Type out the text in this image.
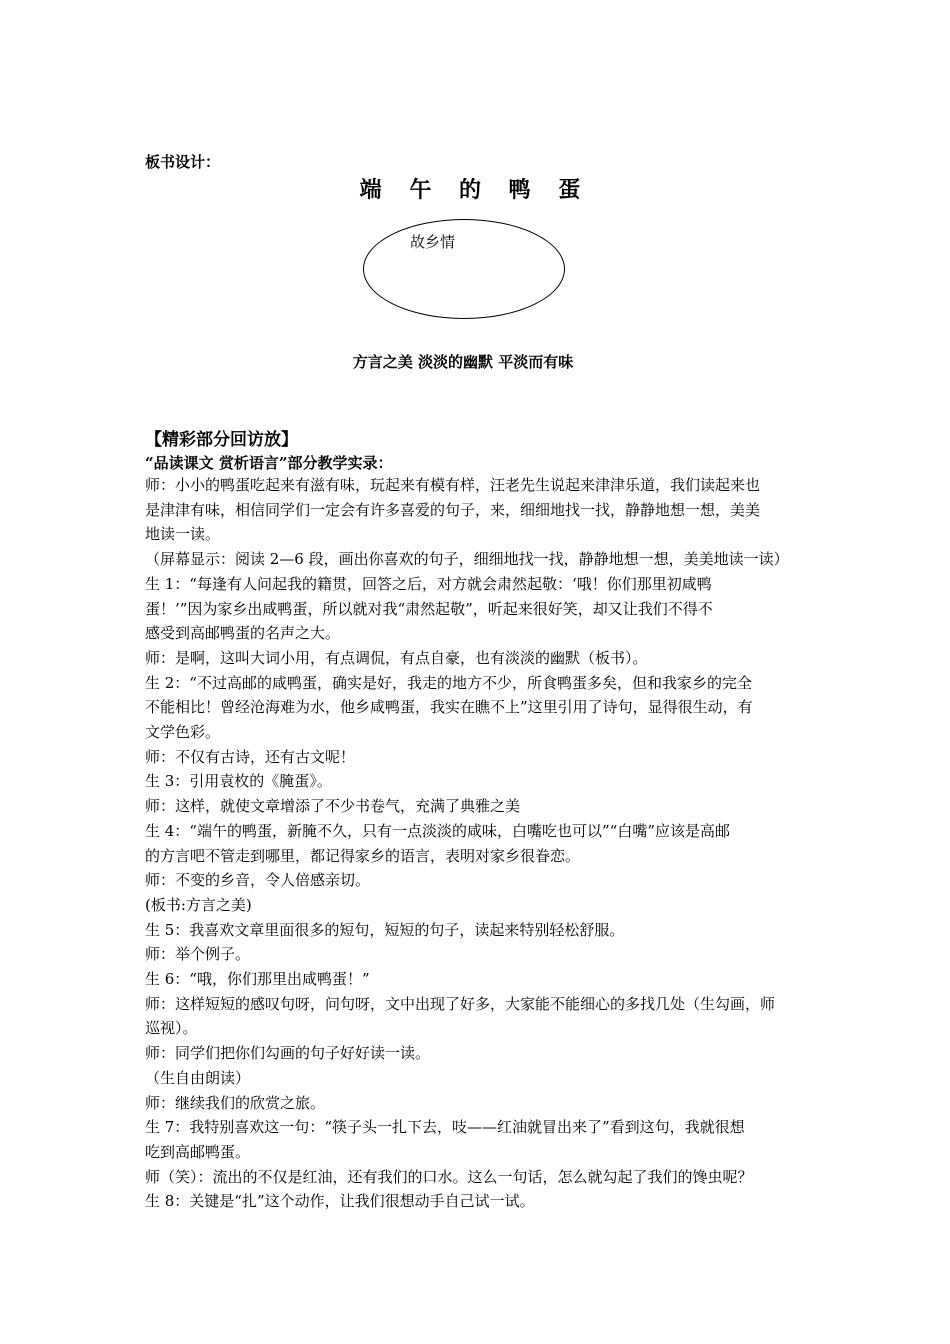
板书设计：
端 午 的 鸭 蛋
故乡情
方言之美 淡淡的幽默 平淡而有味
【精彩部分回访放】
“品读课文 赏析语言”部分教学实录：

师：小小的鸭蛋吃起来有滋有味，玩起来有模有样，汪老先生说起来津津乐道，我们读起来也

是津津有味，相信同学们一定会有许多喜爱的句子，来，细细地找一找，静静地想一想，美美

地读一读。

（屏幕显示：阅读 2—6 段，画出你喜欢的句子，细细地找一找，静静地想一想，美美地读一读）

生 1：“每逢有人问起我的籍贯，回答之后，对方就会肃然起敬：‘哦！你们那里初咸鸭

蛋！’”因为家乡出咸鸭蛋，所以就对我“肃然起敬”，听起来很好笑，却又让我们不得不

感受到高邮鸭蛋的名声之大。

师：是啊，这叫大词小用，有点调侃，有点自豪，也有淡淡的幽默（板书）。

生 2：“不过高邮的咸鸭蛋，确实是好，我走的地方不少，所食鸭蛋多矣，但和我家乡的完全

不能相比！曾经沧海难为水，他乡咸鸭蛋，我实在瞧不上”这里引用了诗句，显得很生动，有

文学色彩。

师：不仅有古诗，还有古文呢！

生 3：引用袁枚的《腌蛋》。

师：这样，就使文章增添了不少书卷气，充满了典雅之美

生 4：“端午的鸭蛋，新腌不久，只有一点淡淡的咸味，白嘴吃也可以”“白嘴”应该是高邮

的方言吧不管走到哪里，都记得家乡的语言，表明对家乡很眷恋。

师：不变的乡音，令人倍感亲切。

(板书:方言之美)

生 5：我喜欢文章里面很多的短句，短短的句子，读起来特别轻松舒服。

师：举个例子。

生 6：“哦，你们那里出咸鸭蛋！”

师：这样短短的感叹句呀，问句呀，文中出现了好多，大家能不能细心的多找几处（生勾画，师

巡视）。

师：同学们把你们勾画的句子好好读一读。

（生自由朗读）

师：继续我们的欣赏之旅。

生 7：我特别喜欢这一句：“筷子头一扎下去，吱——红油就冒出来了”看到这句，我就很想

吃到高邮鸭蛋。

师（笑）：流出的不仅是红油，还有我们的口水。这么一句话，怎么就勾起了我们的馋虫呢？

生 8：关键是“扎”这个动作，让我们很想动手自己试一试。
